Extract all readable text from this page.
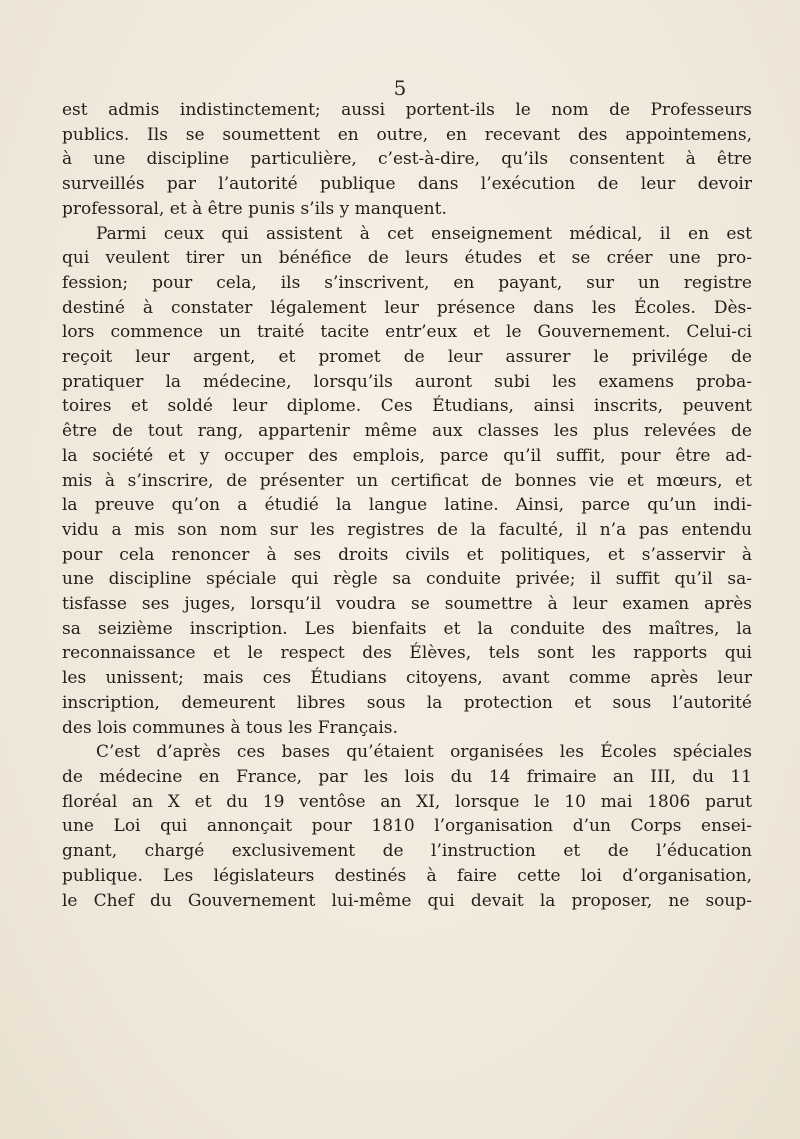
5

est admis indistinctement; aussi portent-ils le nom de Professeurs
publics. Ils se soumettent en outre, en recevant des appointemens,
à une discipline particulière, c’est-à-dire, qu’ils consentent à être
surveillés par l’autorité publique dans l’exécution de leur devoir
professoral, et à être punis s’ils y manquent.

Parmi ceux qui assistent à cet enseignement médical, il en est
qui veulent tirer un bénéfice de leurs études et se créer une pro-
fession; pour cela, ils s’inscrivent, en payant, sur un registre
destiné à constater légalement leur présence dans les Écoles. Dès-
lors commence un traité tacite entr’eux et le Gouvernement. Celui-ci
reçoit leur argent, et promet de leur assurer le privilége de
pratiquer la médecine, lorsqu’ils auront subi les examens proba-
toires et soldé leur diplome. Ces Étudians, ainsi inscrits, peuvent
être de tout rang, appartenir même aux classes les plus relevées de
la société et y occuper des emplois, parce qu’il suffit, pour être ad-
mis à s’inscrire, de présenter un certificat de bonnes vie et mœurs, et
la preuve qu’on a étudié la langue latine. Ainsi, parce qu’un indi-
vidu a mis son nom sur les registres de la faculté, il n’a pas entendu
pour cela renoncer à ses droits civils et politiques, et s’asservir à
une discipline spéciale qui règle sa conduite privée; il suffit qu’il sa-
tisfasse ses juges, lorsqu’il voudra se soumettre à leur examen après
sa seizième inscription. Les bienfaits et la conduite des maîtres, la
reconnaissance et le respect des Élèves, tels sont les rapports qui
les unissent; mais ces Étudians citoyens, avant comme après leur
inscription, demeurent libres sous la protection et sous l’autorité
des lois communes à tous les Français.

C’est d’après ces bases qu’étaient organisées les Écoles spéciales
de médecine en France, par les lois du 14 frimaire an III, du 11
floréal an X et du 19 ventôse an XI, lorsque le 10 mai 1806 parut
une Loi qui annonçait pour 1810 l’organisation d’un Corps ensei-
gnant, chargé exclusivement de l’instruction et de l’éducation
publique. Les législateurs destinés à faire cette loi d’organisation,
le Chef du Gouvernement lui-même qui devait la proposer, ne soup-
